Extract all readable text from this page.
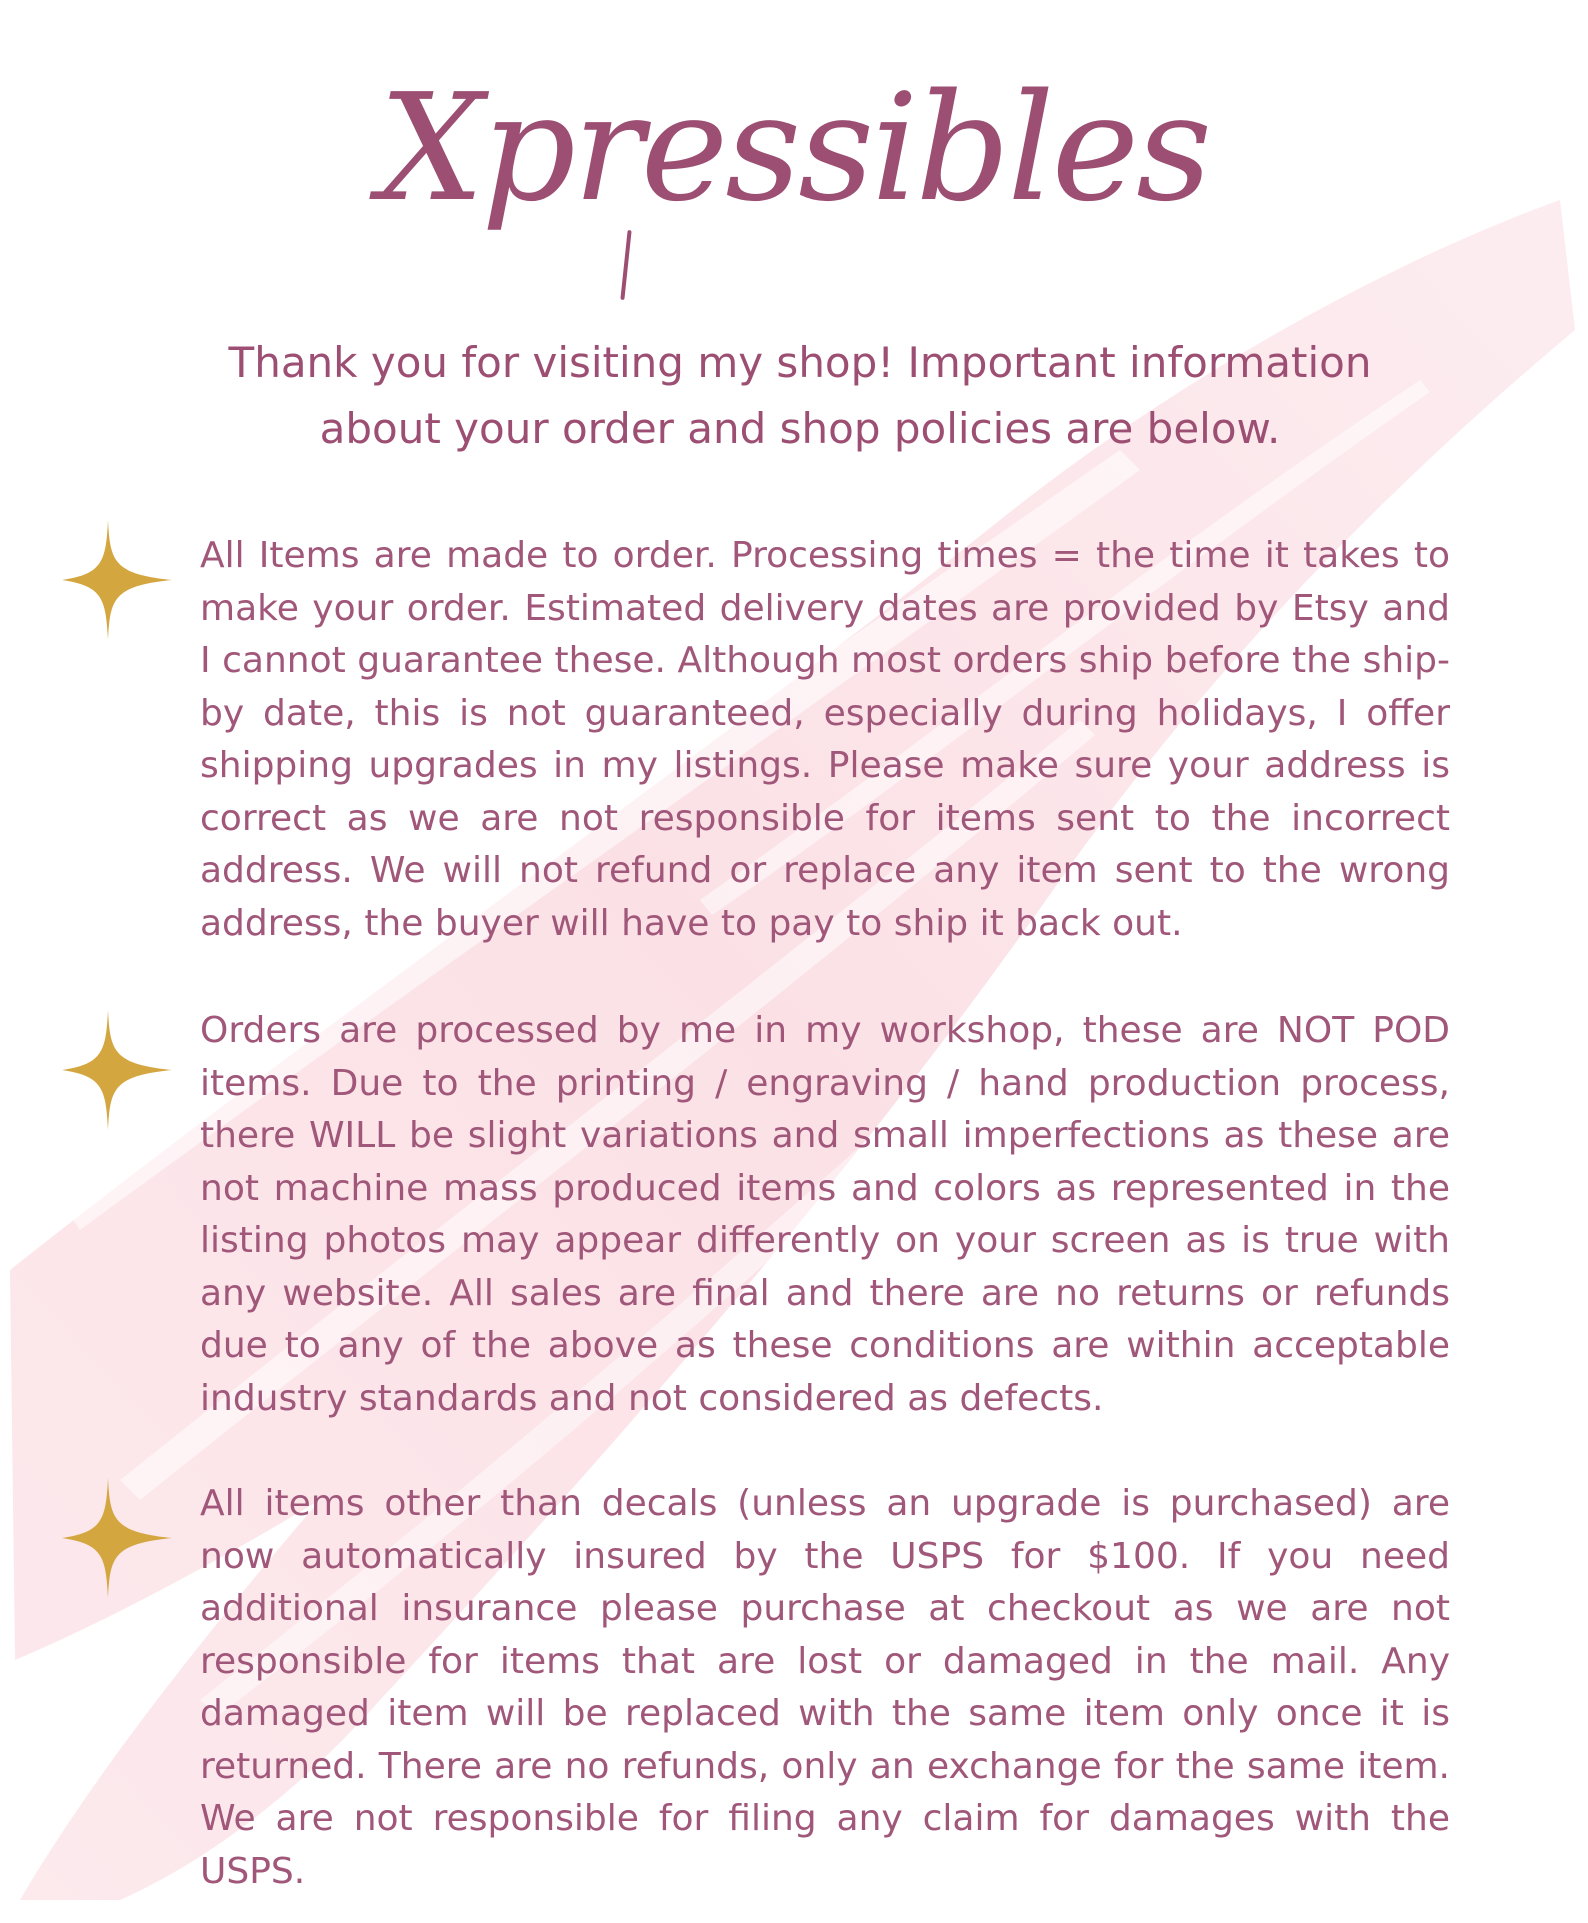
Xpressibles
Thank you for visiting my shop! Important information about your order and shop policies are below.
All Items are made to order. Processing times = the time it takes to make your order. Estimated delivery dates are provided by Etsy and I cannot guarantee these. Although most orders ship before the ship-by date, this is not guaranteed, especially during holidays, I offer shipping upgrades in my listings. Please make sure your address is correct as we are not responsible for items sent to the incorrect address. We will not refund or replace any item sent to the wrong address, the buyer will have to pay to ship it back out.
Orders are processed by me in my workshop, these are NOT POD items. Due to the printing / engraving / hand production process, there WILL be slight variations and small imperfections as these are not machine mass produced items and colors as represented in the listing photos may appear differently on your screen as is true with any website. All sales are final and there are no returns or refunds due to any of the above as these conditions are within acceptable industry standards and not considered as defects.
All items other than decals (unless an upgrade is purchased) are now automatically insured by the USPS for $100. If you need additional insurance please purchase at checkout as we are not responsible for items that are lost or damaged in the mail. Any damaged item will be replaced with the same item only once it is returned. There are no refunds, only an exchange for the same item. We are not responsible for filing any claim for damages with the USPS.
